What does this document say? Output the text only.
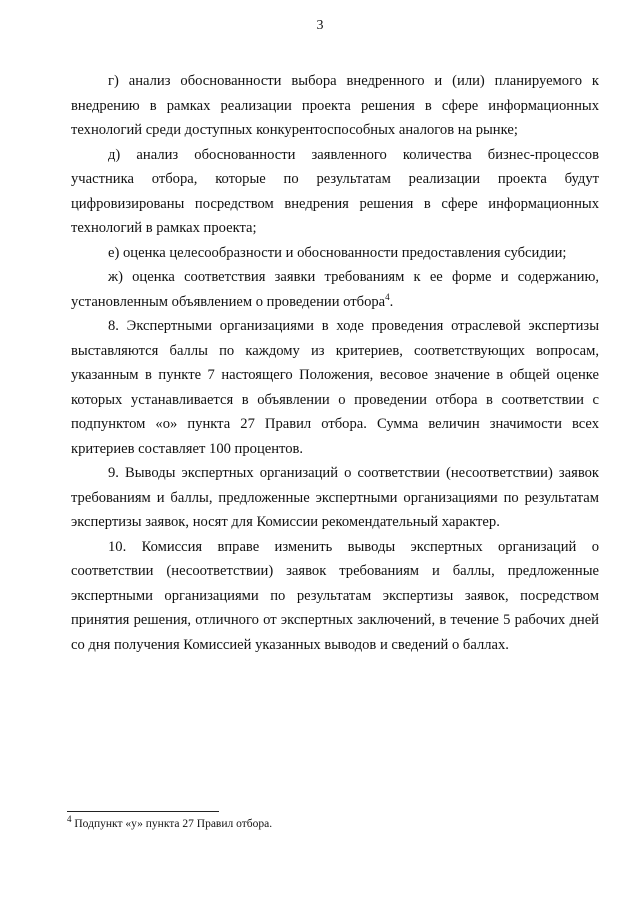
3

г) анализ обоснованности выбора внедренного и (или) планируемого к внедрению в рамках реализации проекта решения в сфере информационных технологий среди доступных конкурентоспособных аналогов на рынке;

д) анализ обоснованности заявленного количества бизнес-процессов участника отбора, которые по результатам реализации проекта будут цифровизированы посредством внедрения решения в сфере информационных технологий в рамках проекта;

е) оценка целесообразности и обоснованности предоставления субсидии;

ж) оценка соответствия заявки требованиям к ее форме и содержанию, установленным объявлением о проведении отбора$^4$.

8. Экспертными организациями в ходе проведения отраслевой экспертизы выставляются баллы по каждому из критериев, соответствующих вопросам, указанным в пункте 7 настоящего Положения, весовое значение в общей оценке которых устанавливается в объявлении о проведении отбора в соответствии с подпунктом «о» пункта 27 Правил отбора. Сумма величин значимости всех критериев составляет 100 процентов.

9. Выводы экспертных организаций о соответствии (несоответствии) заявок требованиям и баллы, предложенные экспертными организациями по результатам экспертизы заявок, носят для Комиссии рекомендательный характер.

10. Комиссия вправе изменить выводы экспертных организаций о соответствии (несоответствии) заявок требованиям и баллы, предложенные экспертными организациями по результатам экспертизы заявок, посредством принятия решения, отличного от экспертных заключений, в течение 5 рабочих дней со дня получения Комиссией указанных выводов и сведений о баллах.

$^4$ Подпункт «у» пункта 27 Правил отбора.
